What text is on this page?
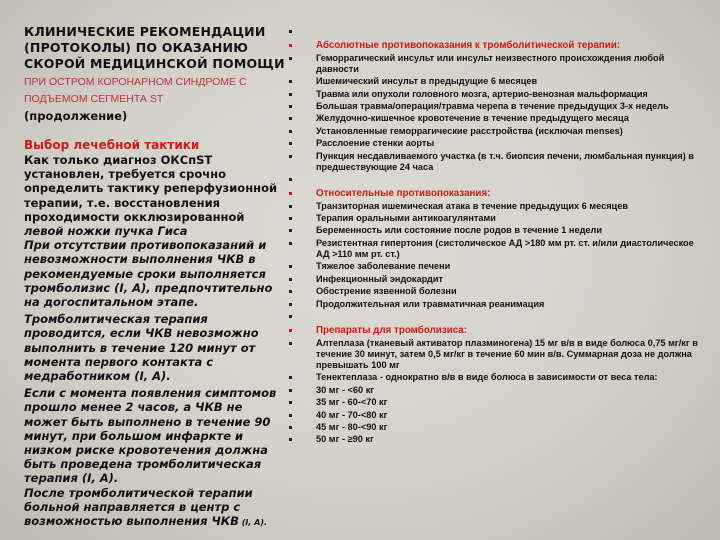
КЛИНИЧЕСКИЕ РЕКОМЕНДАЦИИ (ПРОТОКОЛЫ) ПО ОКАЗАНИЮ СКОРОЙ МЕДИЦИНСКОЙ ПОМОЩИ
ПРИ ОСТРОМ КОРОНАРНОМ СИНДРОМЕ С ПОДЪЕМОМ СЕГМЕНТА ST
(продолжение)
Выбор лечебной тактики
Как только диагноз ОКСпST установлен, требуется срочно определить тактику реперфузионной терапии, т.е. восстановления проходимости окклюзированной левой ножки пучка Гиса
При отсутствии противопоказаний и невозможности выполнения ЧКВ в рекомендуемые сроки выполняется тромболизис (I, А), предпочтительно на догоспитальном этапе.
Тромболитическая терапия проводится, если ЧКВ невозможно выполнить в течение 120 минут от момента первого контакта с медработником (I, А).
Если с момента появления симптомов прошло менее 2 часов, а ЧКВ не может быть выполнено в течение 90 минут, при большом инфаркте и низком риске кровотечения должна быть проведена тромболитическая терапия (I, А).
После тромболитической терапии больной направляется в центр с возможностью выполнения ЧКВ (I, А).
Абсолютные противопоказания к тромболитической терапии:
Геморрагический инсульт или инсульт неизвестного происхождения любой давности
Ишемический инсульт в предыдущие 6 месяцев
Травма или опухоли головного мозга, артерио-венозная мальформация
Большая травма/операция/травма черепа в течение предыдущих 3-х недель
Желудочно-кишечное кровотечение в течение предыдущего месяца
Установленные геморрагические расстройства (исключая menses)
Расслоение стенки аорты
Пункция несдавливаемого участка (в т.ч. биопсия печени, люмбальная пункция) в предшествующие 24 часа
Относительные противопоказания:
Транзиторная ишемическая атака в течение предыдущих 6 месяцев
Терапия оральными антикоагулянтами
Беременность или состояние после родов в течение 1 недели
Резистентная гипертония (систолическое АД >180 мм рт. ст. и/или диастолическое АД >110 мм рт. ст.)
Тяжелое заболевание печени
Инфекционный эндокардит
Обострение язвенной болезни
Продолжительная или травматичная реанимация
Препараты для тромболизиса:
Алтеплаза (тканевый активатор плазминогена) 15 мг в/в в виде болюса 0,75 мг/кг в течение 30 минут, затем 0,5 мг/кг в течение 60 мин в/в. Суммарная доза не должна превышать 100 мг
Тенектеплаза - однократно в/в в виде болюса в зависимости от веса тела:
30 мг - <60 кг
35 мг - 60-<70 кг
40 мг - 70-<80 кг
45 мг - 80-<90 кг
50 мг - ≥90 кг
